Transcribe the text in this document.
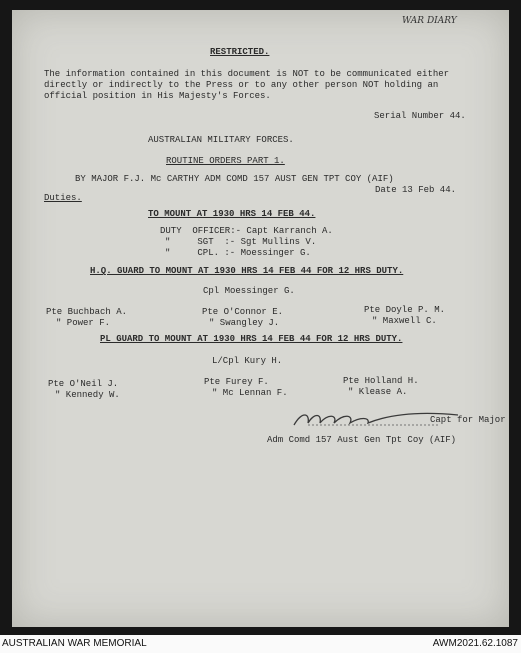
WAR DIARY
RESTRICTED.
The information contained in this document is NOT to be communicated either
directly or indirectly to the Press or to any other person NOT holding an
official position in His Majesty's Forces.
Serial Number 44.
AUSTRALIAN MILITARY FORCES.
ROUTINE ORDERS PART 1.
BY MAJOR F.J. Mc CARTHY ADM COMD 157 AUST GEN TPT COY (AIF)
Duties.
Date 13 Feb 44.
TO MOUNT AT 1930 HRS 14 FEB 44.
DUTY  OFFICER:- Capt Karranch A.
"     SGT  :- Sgt Mullins V.
"     CPL. :- Moessinger G.
H.Q. GUARD TO MOUNT AT 1930 HRS 14 FEB 44 FOR 12 HRS DUTY.
Cpl Moessinger G.
Pte Buchbach A.
" Power F.
Pte O'Connor E.
" Swangley J.
Pte Doyle P. M.
" Maxwell C.
PL GUARD TO MOUNT AT 1930 HRS 14 FEB 44 FOR 12 HRS DUTY.
L/Cpl Kury H.
Pte O'Neil J.
" Kennedy W.
Pte Furey F.
" Mc Lennan F.
Pte Holland H.
" Klease A.
Capt for Major
Adm Comd 157 Aust Gen Tpt Coy (AIF)
AUSTRALIAN WAR MEMORIAL	AWM2021.62.1087
